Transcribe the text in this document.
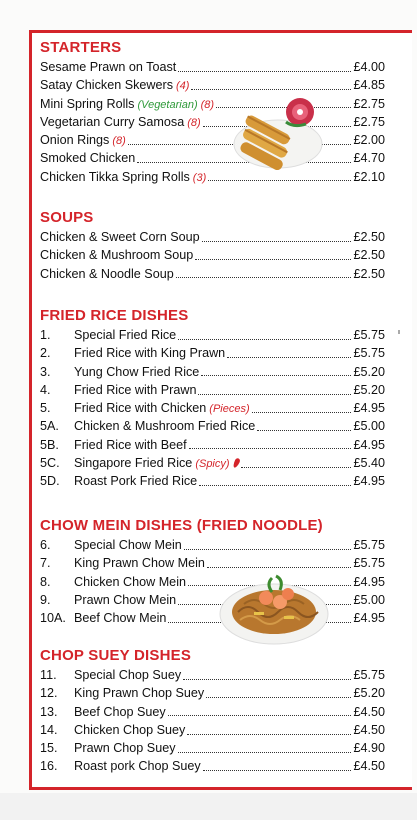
STARTERS
Sesame Prawn on Toast	£4.00
Satay Chicken Skewers (4)	£4.85
Mini Spring Rolls (Vegetarian) (8)	£2.75
Vegetarian Curry Samosa (8)	£2.75
Onion Rings (8)	£2.00
Smoked Chicken	£4.70
Chicken Tikka Spring Rolls (3)	£2.10
SOUPS
Chicken & Sweet Corn Soup	£2.50
Chicken & Mushroom Soup	£2.50
Chicken & Noodle Soup	£2.50
FRIED RICE DISHES
1.	Special Fried Rice	£5.75
2.	Fried Rice with King Prawn	£5.75
3.	Yung Chow Fried Rice	£5.20
4.	Fried Rice with Prawn	£5.20
5.	Fried Rice with Chicken (Pieces)	£4.95
5A.	Chicken & Mushroom Fried Rice	£5.00
5B.	Fried Rice with Beef	£4.95
5C.	Singapore Fried Rice (Spicy)	£5.40
5D.	Roast Pork Fried Rice	£4.95
CHOW MEIN DISHES (FRIED NOODLE)
6.	Special Chow Mein	£5.75
7.	King Prawn Chow Mein	£5.75
8.	Chicken Chow Mein	£4.95
9.	Prawn Chow Mein	£5.00
10A. Beef Chow Mein	£4.95
CHOP SUEY DISHES
11.	Special Chop Suey	£5.75
12.	King Prawn Chop Suey	£5.20
13.	Beef Chop Suey	£4.50
14.	Chicken Chop Suey	£4.50
15.	Prawn Chop Suey	£4.90
16.	Roast pork Chop Suey	£4.50
